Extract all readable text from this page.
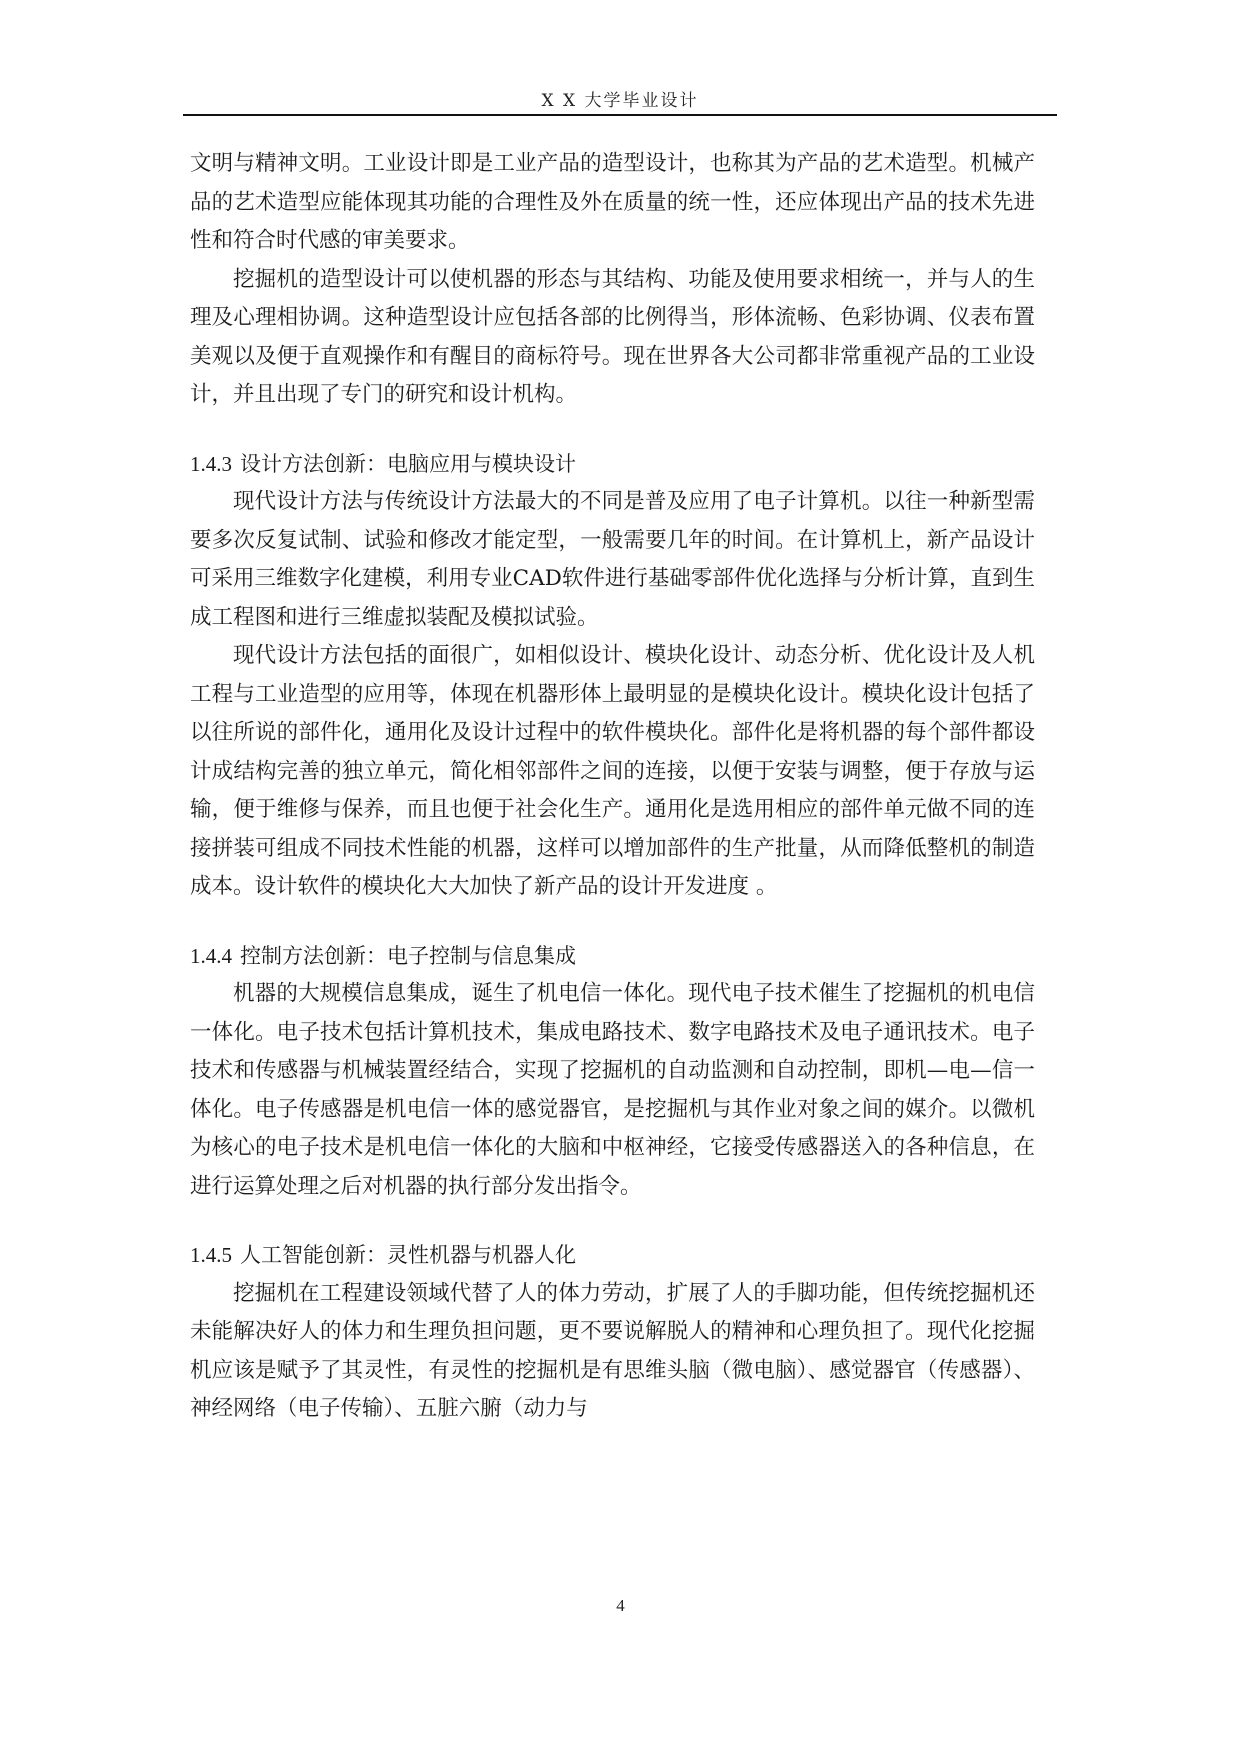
X X 大学毕业设计

文明与精神文明。工业设计即是工业产品的造型设计，也称其为产品的艺术造型。机械产品的艺术造型应能体现其功能的合理性及外在质量的统一性，还应体现出产品的技术先进性和符合时代感的审美要求。

挖掘机的造型设计可以使机器的形态与其结构、功能及使用要求相统一，并与人的生理及心理相协调。这种造型设计应包括各部的比例得当，形体流畅、色彩协调、仪表布置美观以及便于直观操作和有醒目的商标符号。现在世界各大公司都非常重视产品的工业设计，并且出现了专门的研究和设计机构。

1.4.3 设计方法创新：电脑应用与模块设计

现代设计方法与传统设计方法最大的不同是普及应用了电子计算机。以往一种新型需要多次反复试制、试验和修改才能定型，一般需要几年的时间。在计算机上，新产品设计可采用三维数字化建模，利用专业CAD软件进行基础零部件优化选择与分析计算，直到生成工程图和进行三维虚拟装配及模拟试验。

现代设计方法包括的面很广，如相似设计、模块化设计、动态分析、优化设计及人机工程与工业造型的应用等，体现在机器形体上最明显的是模块化设计。模块化设计包括了以往所说的部件化，通用化及设计过程中的软件模块化。部件化是将机器的每个部件都设计成结构完善的独立单元，简化相邻部件之间的连接，以便于安装与调整，便于存放与运输，便于维修与保养，而且也便于社会化生产。通用化是选用相应的部件单元做不同的连接拼装可组成不同技术性能的机器，这样可以增加部件的生产批量，从而降低整机的制造成本。设计软件的模块化大大加快了新产品的设计开发进度 。

1.4.4 控制方法创新：电子控制与信息集成

机器的大规模信息集成，诞生了机电信一体化。现代电子技术催生了挖掘机的机电信一体化。电子技术包括计算机技术，集成电路技术、数字电路技术及电子通讯技术。电子技术和传感器与机械装置经结合，实现了挖掘机的自动监测和自动控制，即机—电—信一体化。电子传感器是机电信一体的感觉器官，是挖掘机与其作业对象之间的媒介。以微机为核心的电子技术是机电信一体化的大脑和中枢神经，它接受传感器送入的各种信息，在进行运算处理之后对机器的执行部分发出指令。

1.4.5 人工智能创新：灵性机器与机器人化

挖掘机在工程建设领域代替了人的体力劳动，扩展了人的手脚功能，但传统挖掘机还未能解决好人的体力和生理负担问题，更不要说解脱人的精神和心理负担了。现代化挖掘机应该是赋予了其灵性，有灵性的挖掘机是有思维头脑（微电脑）、感觉器官（传感器）、神经网络（电子传输）、五脏六腑（动力与

4
